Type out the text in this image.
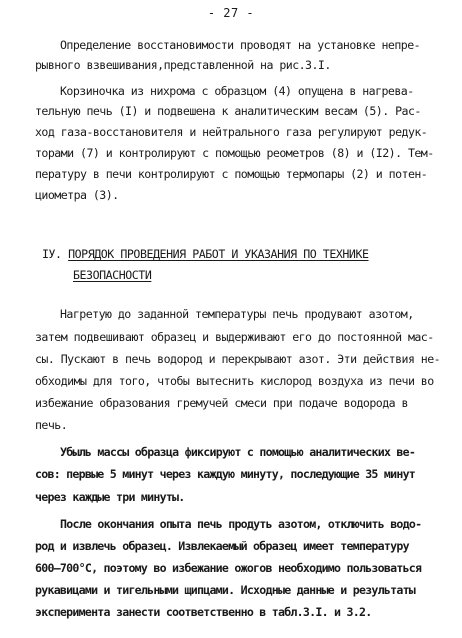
- 27 -
Определение восстановимости проводят на установке непре-
рывного взвешивания,представленной на рис.3.I.
Корзиночка из нихрома с образцом (4) опущена в нагрева-
тельную печь (I) и подвешена к аналитическим весам (5). Рас-
ход газа-восстановителя и нейтрального газа регулируют редук-
торами (7) и контролируют с помощью реометров (8) и (I2). Тем-
пературу в печи контролируют с помощью термопары (2) и потен-
циометра (3).
IУ. ПОРЯДОК ПРОВЕДЕНИЯ РАБОТ И УКАЗАНИЯ ПО ТЕХНИКЕ
БЕЗОПАСНОСТИ
Нагретую до заданной температуры печь продувают азотом,
затем подвешивают образец и выдерживают его до постоянной мас-
сы. Пускают в печь водород и перекрывают азот. Эти действия не-
обходимы для того, чтобы вытеснить кислород воздуха из печи во
избежание образования гремучей смеси при подаче водорода в
печь.
Убыль массы образца фиксируют с помощью аналитических ве-
сов: первые 5 минут через каждую минуту, последующие 35 минут
через каждые три минуты.
После окончания опыта печь продуть азотом, отключить водо-
род и извлечь образец. Извлекаемый образец имеет температуру
600–700°С, поэтому во избежание ожогов необходимо пользоваться
рукавицами и тигельными щипцами. Исходные данные и результаты
эксперимента занести соответственно в табл.3.I. и 3.2.
